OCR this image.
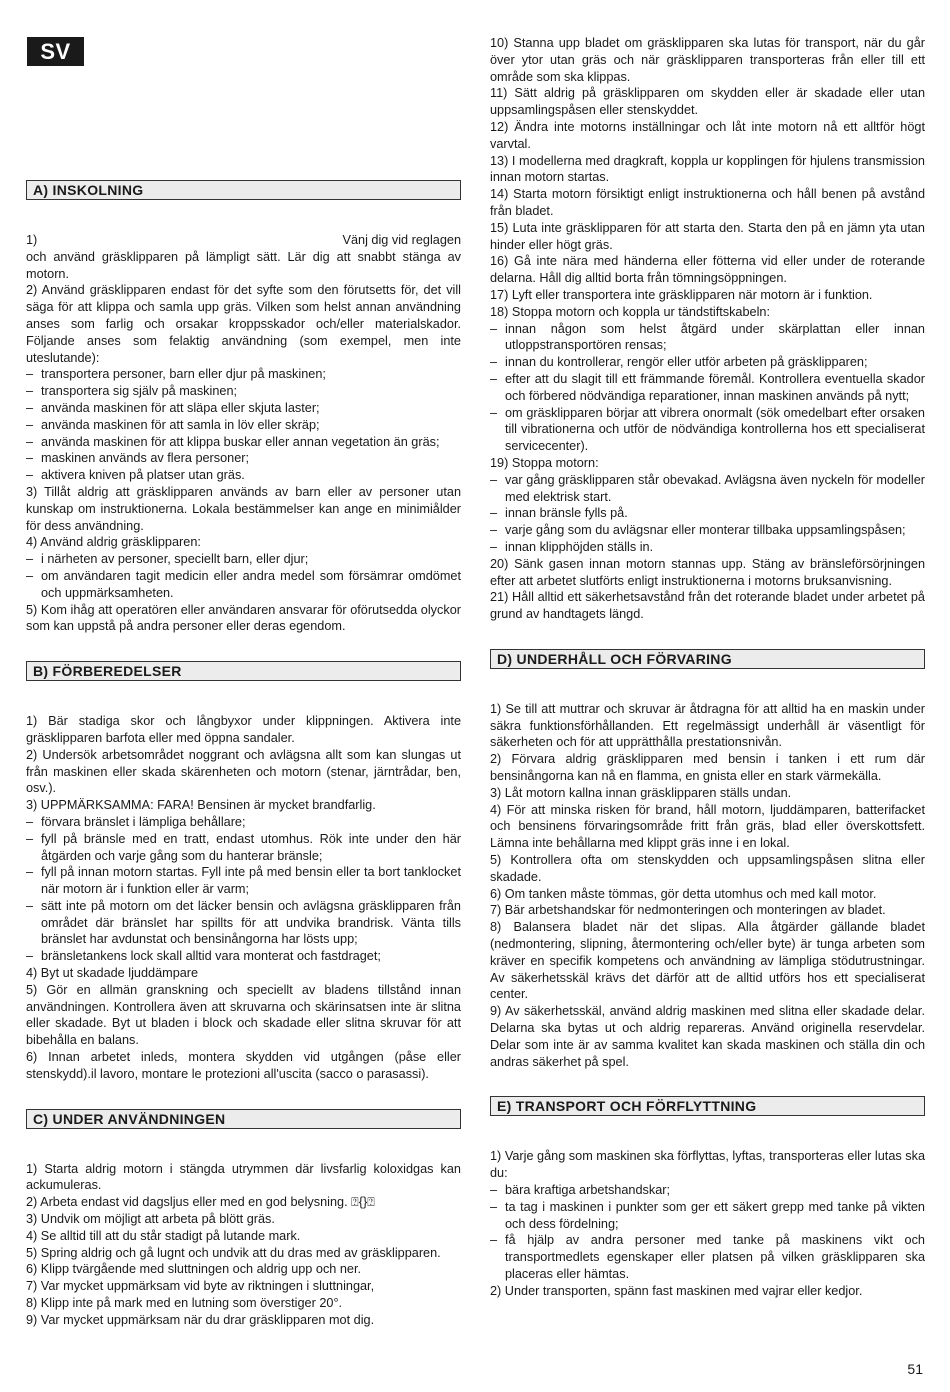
SV
A) INSKOLNING
1)	Vänj dig vid reglagen

och använd gräsklipparen på lämpligt sätt. Lär dig att snabbt stänga av motorn.

2) Använd gräsklipparen endast för det syfte som den förutsetts för, det vill säga för att klippa och samla upp gräs. Vilken som helst annan användning anses som farlig och orsakar kroppsskador och/eller materialskador. Följande anses som felaktig användning (som exempel, men inte uteslutande):

– transportera personer, barn eller djur på maskinen;

– transportera sig själv på maskinen;

– använda maskinen för att släpa eller skjuta laster;

– använda maskinen för att samla in löv eller skräp;

– använda maskinen för att klippa buskar eller annan vegetation än gräs;

– maskinen används av flera personer;

– aktivera kniven på platser utan gräs.

3) Tillåt aldrig att gräsklipparen används av barn eller av personer utan kunskap om instruktionerna. Lokala bestämmelser kan ange en minimiålder för dess användning.

4) Använd aldrig gräsklipparen:

– i närheten av personer, speciellt barn, eller djur;

– om användaren tagit medicin eller andra medel som försämrar omdömet och uppmärksamheten.

5) Kom ihåg att operatören eller användaren ansvarar för oförutsedda olyckor som kan uppstå på andra personer eller deras egendom.

B) FÖRBEREDELSER

1) Bär stadiga skor och långbyxor under klippningen. Aktivera inte gräsklipparen barfota eller med öppna sandaler.

2) Undersök arbetsområdet noggrant och avlägsna allt som kan slungas ut från maskinen eller skada skärenheten och motorn (stenar, järntrådar, ben, osv.).

3) UPPMÄRKSAMMA: FARA! Bensinen är mycket brandfarlig.

– förvara bränslet i lämpliga behållare;

– fyll på bränsle med en tratt, endast utomhus. Rök inte under den här åtgärden och varje gång som du hanterar bränsle;

– fyll på innan motorn startas. Fyll inte på med bensin eller ta bort tanklocket när motorn är i funktion eller är varm;

– sätt inte på motorn om det läcker bensin och avlägsna gräsklipparen från området där bränslet har spillts för att undvika brandrisk. Vänta tills bränslet har avdunstat och bensinångorna har lösts upp;

– bränsletankens lock skall alltid vara monterat och fastdraget;

4) Byt ut skadade ljuddämpare

5) Gör en allmän granskning och speciellt av bladens tillstånd innan användningen. Kontrollera även att skruvarna och skärinsatsen inte är slitna eller skadade. Byt ut bladen i block och skadade eller slitna skruvar för att bibehålla en balans.

6) Innan arbetet inleds, montera skydden vid utgången (påse eller stenskydd).il lavoro, montare le protezioni all'uscita (sacco o parasassi).

C) UNDER ANVÄNDNINGEN

1) Starta aldrig motorn i stängda utrymmen där livsfarlig koloxidgas kan ackumuleras.

2) Arbeta endast vid dagsljus eller med en god belysning. ⍰{}⍰

3) Undvik om möjligt att arbeta på blött gräs.

4) Se alltid till att du står stadigt på lutande mark.

5) Spring aldrig och gå lugnt och undvik att du dras med av gräsklipparen.

6) Klipp tvärgående med sluttningen och aldrig upp och ner.

7) Var mycket uppmärksam vid byte av riktningen i sluttningar,

8) Klipp inte på mark med en lutning som överstiger 20°.

9) Var mycket uppmärksam när du drar gräsklipparen mot dig.

10) Stanna upp bladet om gräsklipparen ska lutas för transport, när du går över ytor utan gräs och när gräsklipparen transporteras från eller till ett område som ska klippas.

11) Sätt aldrig på gräsklipparen om skydden eller är skadade eller utan uppsamlingspåsen eller stenskyddet.

12) Ändra inte motorns inställningar och låt inte motorn nå ett alltför högt varvtal.

13) I modellerna med dragkraft, koppla ur kopplingen för hjulens transmission innan motorn startas.

14) Starta motorn försiktigt enligt instruktionerna och håll benen på avstånd från bladet.

15) Luta inte gräsklipparen för att starta den. Starta den på en jämn yta utan hinder eller högt gräs.

16) Gå inte nära med händerna eller fötterna vid eller under de roterande delarna. Håll dig alltid borta från tömningsöppningen.

17) Lyft eller transportera inte gräsklipparen när motorn är i funktion.

18) Stoppa motorn och koppla ur tändstiftskabeln:

– innan någon som helst åtgärd under skärplattan eller innan utloppstransportören rensas;

– innan du kontrollerar, rengör eller utför arbeten på gräsklipparen;

– efter att du slagit till ett främmande föremål. Kontrollera eventuella skador och förbered nödvändiga reparationer, innan maskinen används på nytt;

– om gräsklipparen börjar att vibrera onormalt (sök omedelbart efter orsaken till vibrationerna och utför de nödvändiga kontrollerna hos ett specialiserat servicecenter).

19) Stoppa motorn:

– var gång gräsklipparen står obevakad. Avlägsna även nyckeln för modeller med elektrisk start.

– innan bränsle fylls på.

– varje gång som du avlägsnar eller monterar tillbaka uppsamlingspåsen;

– innan klipphöjden ställs in.

20) Sänk gasen innan motorn stannas upp. Stäng av bränsleförsörjningen efter att arbetet slutförts enligt instruktionerna i motorns bruksanvisning.

21) Håll alltid ett säkerhetsavstånd från det roterande bladet under arbetet på grund av handtagets längd.

D) UNDERHÅLL OCH FÖRVARING

1) Se till att muttrar och skruvar är åtdragna för att alltid ha en maskin under säkra funktionsförhållanden. Ett regelmässigt underhåll är väsentligt för säkerheten och för att upprätthålla prestationsnivån.

2) Förvara aldrig gräsklipparen med bensin i tanken i ett rum där bensinångorna kan nå en flamma, en gnista eller en stark värmekälla.

3) Låt motorn kallna innan gräsklipparen ställs undan.

4) För att minska risken för brand, håll motorn, ljuddämparen, batterifacket och bensinens förvaringsområde fritt från gräs, blad eller överskottsfett. Lämna inte behållarna med klippt gräs inne i en lokal.

5) Kontrollera ofta om stenskydden och uppsamlingspåsen slitna eller skadade.

6) Om tanken måste tömmas, gör detta utomhus och med kall motor.

7) Bär arbetshandskar för nedmonteringen och monteringen av bladet.

8) Balansera bladet när det slipas. Alla åtgärder gällande bladet (nedmontering, slipning, återmontering och/eller byte) är tunga arbeten som kräver en specifik kompetens och användning av lämpliga stödutrustningar. Av säkerhetsskäl krävs det därför att de alltid utförs hos ett specialiserat center.

9) Av säkerhetsskäl, använd aldrig maskinen med slitna eller skadade delar. Delarna ska bytas ut och aldrig repareras. Använd originella reservdelar. Delar som inte är av samma kvalitet kan skada maskinen och ställa din och andras säkerhet på spel.

E) TRANSPORT OCH FÖRFLYTTNING

1) Varje gång som maskinen ska förflyttas, lyftas, transporteras eller lutas ska du:

– bära kraftiga arbetshandskar;

– ta tag i maskinen i punkter som ger ett säkert grepp med tanke på vikten och dess fördelning;

– få hjälp av andra personer med tanke på maskinens vikt och transportmedlets egenskaper eller platsen på vilken gräsklipparen ska placeras eller hämtas.

2) Under transporten, spänn fast maskinen med vajrar eller kedjor.

51
